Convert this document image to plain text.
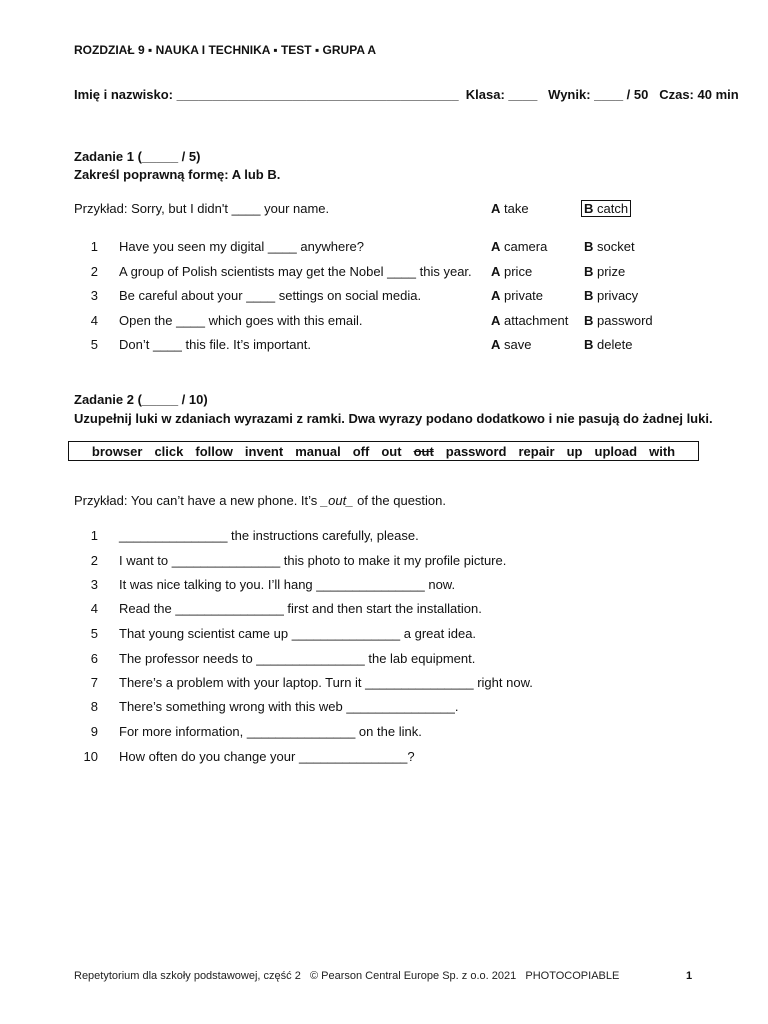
ROZDZIAŁ 9 ▪ NAUKA I TECHNIKA ▪ TEST ▪ GRUPA A
Imię i nazwisko: _______________________________________  Klasa: ____   Wynik: ____ / 50   Czas: 40 min
Zadanie 1 (_____ / 5)
Zakreśl poprawną formę: A lub B.
Przykład: Sorry, but I didn't ____ your name.	A take	B catch
1 Have you seen my digital ____ anywhere?	A camera	B socket
2 A group of Polish scientists may get the Nobel ____ this year. A price	B prize
3 Be careful about your ____ settings on social media.	A private	B privacy
4 Open the ____ which goes with this email.	A attachment B password
5 Don’t ____ this file. It’s important.	A save	B delete
Zadanie 2 (_____ / 10)
Uzupełnij luki w zdaniach wyrazami z ramki. Dwa wyrazy podano dodatkowo i nie pasują do żadnej luki.
browser click follow invent manual off out out password repair up upload with
Przykład: You can’t have a new phone. It’s _out_ of the question.
1 _______________ the instructions carefully, please.
2 I want to _______________ this photo to make it my profile picture.
3 It was nice talking to you. I’ll hang _______________ now.
4 Read the _______________ first and then start the installation.
5 That young scientist came up _______________ a great idea.
6 The professor needs to _______________ the lab equipment.
7 There’s a problem with your laptop. Turn it _______________ right now.
8 There’s something wrong with this web _______________.
9 For more information, _______________ on the link.
10 How often do you change your _______________?
Repetytorium dla szkoły podstawowej, część 2   © Pearson Central Europe Sp. z o.o. 2021   PHOTOCOPIABLE	1
